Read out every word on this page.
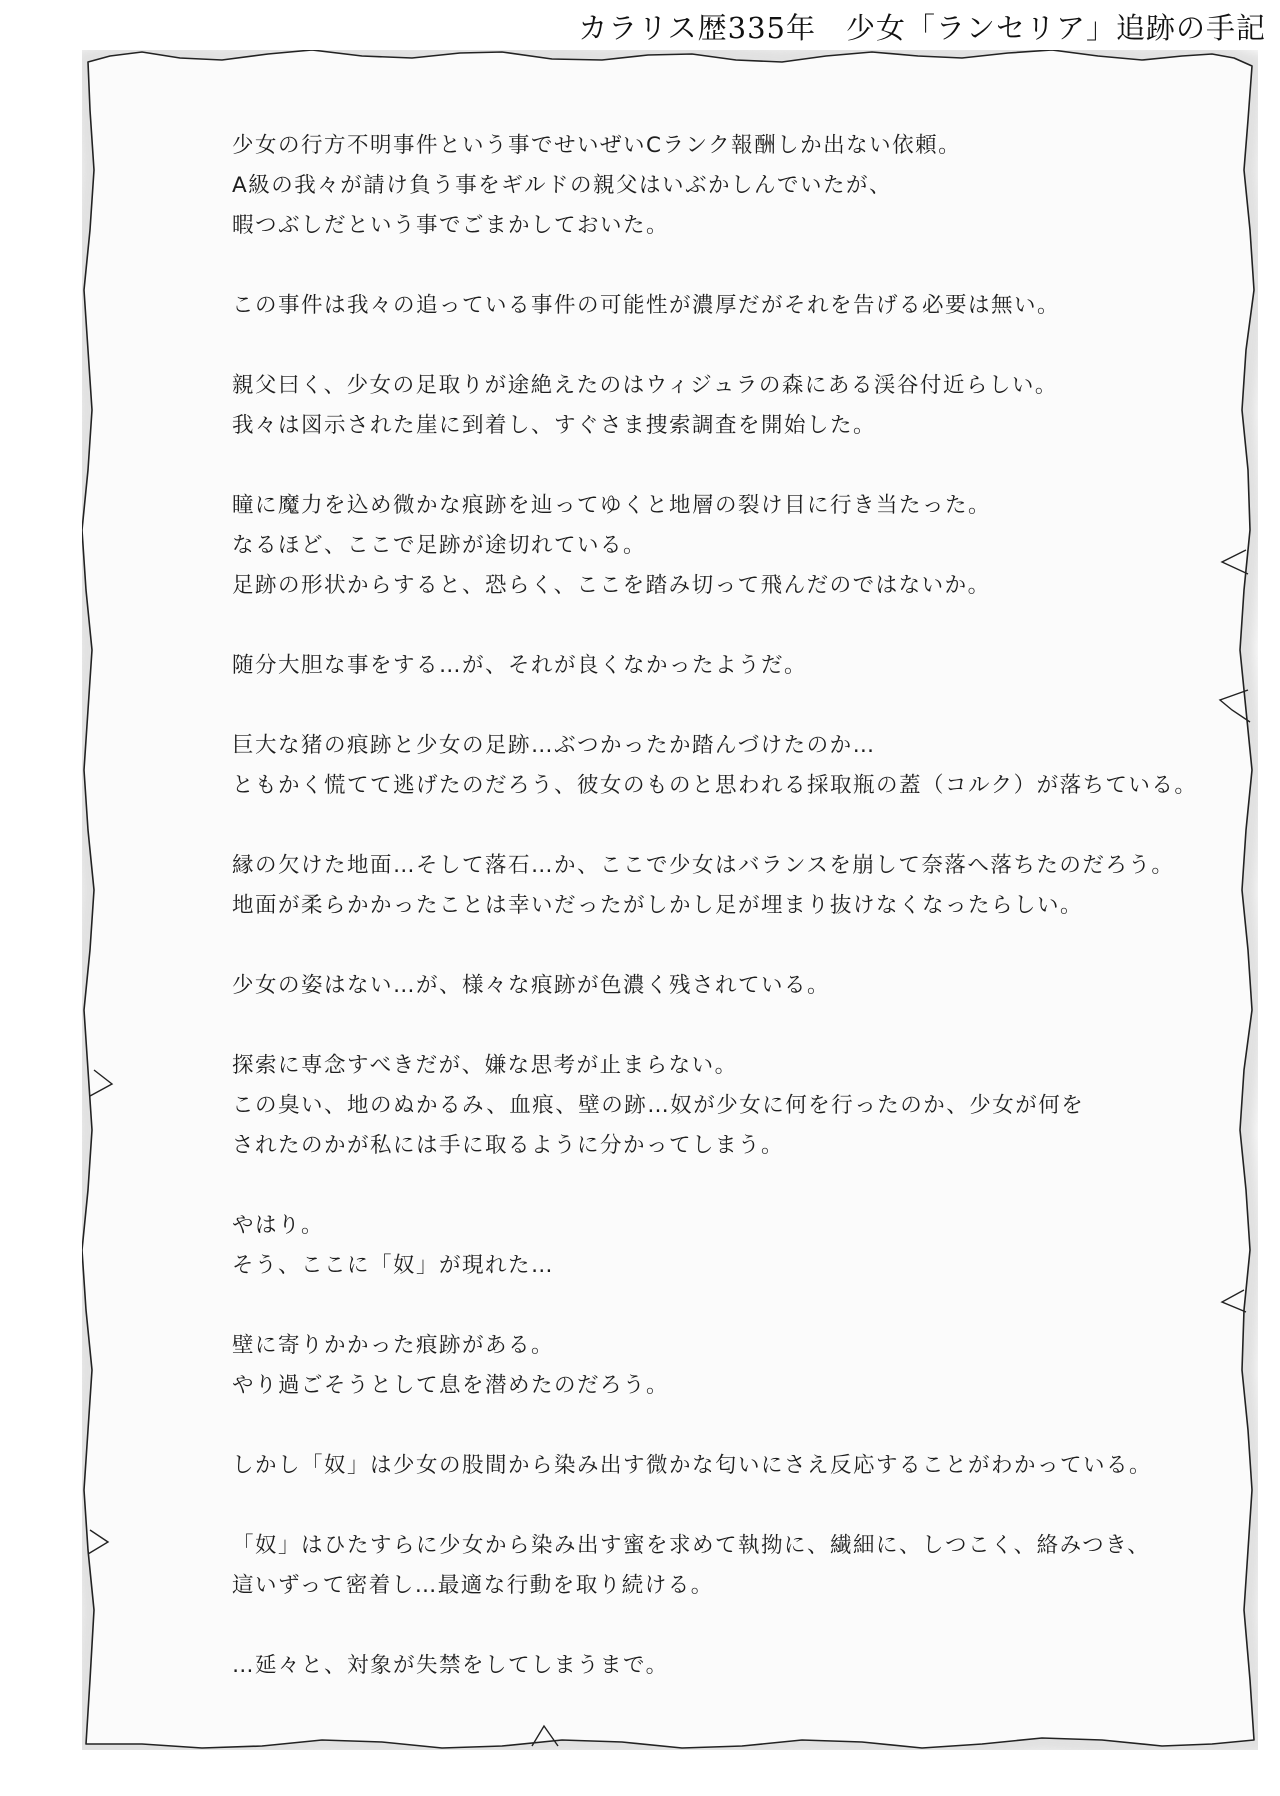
カラリス歴335年　少女「ランセリア」追跡の手記
少女の行方不明事件という事でせいぜいCランク報酬しか出ない依頼。
A級の我々が請け負う事をギルドの親父はいぶかしんでいたが、
暇つぶしだという事でごまかしておいた。
この事件は我々の追っている事件の可能性が濃厚だがそれを告げる必要は無い。
親父曰く、少女の足取りが途絶えたのはウィジュラの森にある渓谷付近らしい。
我々は図示された崖に到着し、すぐさま捜索調査を開始した。
瞳に魔力を込め微かな痕跡を辿ってゆくと地層の裂け目に行き当たった。
なるほど、ここで足跡が途切れている。
足跡の形状からすると、恐らく、ここを踏み切って飛んだのではないか。
随分大胆な事をする…が、それが良くなかったようだ。
巨大な猪の痕跡と少女の足跡…ぶつかったか踏んづけたのか…
ともかく慌てて逃げたのだろう、彼女のものと思われる採取瓶の蓋（コルク）が落ちている。
縁の欠けた地面…そして落石…か、ここで少女はバランスを崩して奈落へ落ちたのだろう。
地面が柔らかかったことは幸いだったがしかし足が埋まり抜けなくなったらしい。
少女の姿はない…が、様々な痕跡が色濃く残されている。
探索に専念すべきだが、嫌な思考が止まらない。
この臭い、地のぬかるみ、血痕、壁の跡…奴が少女に何を行ったのか、少女が何を
されたのかが私には手に取るように分かってしまう。
やはり。
そう、ここに「奴」が現れた…
壁に寄りかかった痕跡がある。
やり過ごそうとして息を潜めたのだろう。
しかし「奴」は少女の股間から染み出す微かな匂いにさえ反応することがわかっている。
「奴」はひたすらに少女から染み出す蜜を求めて執拗に、繊細に、しつこく、絡みつき、
這いずって密着し…最適な行動を取り続ける。
…延々と、対象が失禁をしてしまうまで。
